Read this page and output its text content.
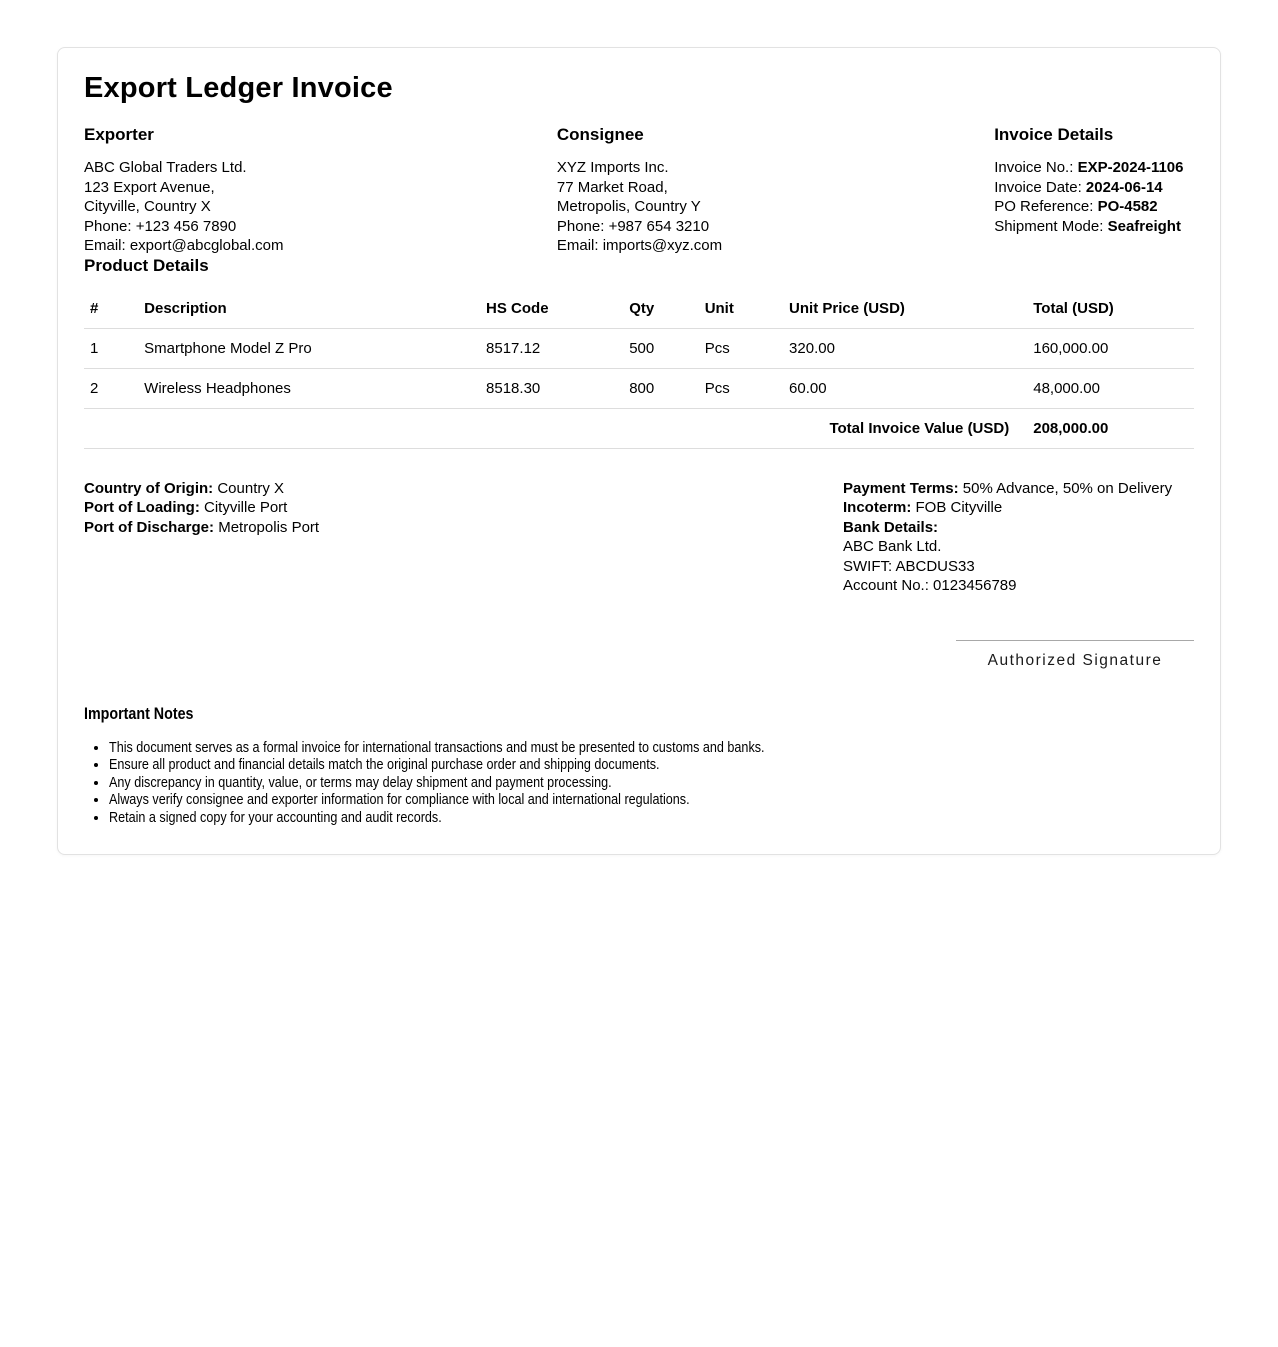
Export Ledger Invoice
Exporter

ABC Global Traders Ltd.

123 Export Avenue,

Cityville, Country X

Phone: +123 456 7890

Email: export@abcglobal.com

Consignee

XYZ Imports Inc.

77 Market Road,

Metropolis, Country Y

Phone: +987 654 3210

Email: imports@xyz.com

Invoice Details

Invoice No.: EXP-2024-1106

Invoice Date: 2024-06-14

PO Reference: PO-4582

Shipment Mode: Seafreight

Product Details
#	Description	HS Code	Qty	Unit	Unit Price (USD)	Total (USD)
1	Smartphone Model Z Pro	8517.12	500	Pcs	320.00	160,000.00
2	Wireless Headphones	8518.30	800	Pcs	60.00	48,000.00
Total Invoice Value (USD)						208,000.00

Country of Origin: Country X

Port of Loading: Cityville Port

Port of Discharge: Metropolis Port

Payment Terms: 50% Advance, 50% on Delivery

Incoterm: FOB Cityville

Bank Details:

ABC Bank Ltd.

SWIFT: ABCDUS33

Account No.: 0123456789

Authorized Signature
Important Notes
• This document serves as a formal invoice for international transactions and must be presented to customs and banks.
• Ensure all product and financial details match the original purchase order and shipping documents.
• Any discrepancy in quantity, value, or terms may delay shipment and payment processing.
• Always verify consignee and exporter information for compliance with local and international regulations.
• Retain a signed copy for your accounting and audit records.
